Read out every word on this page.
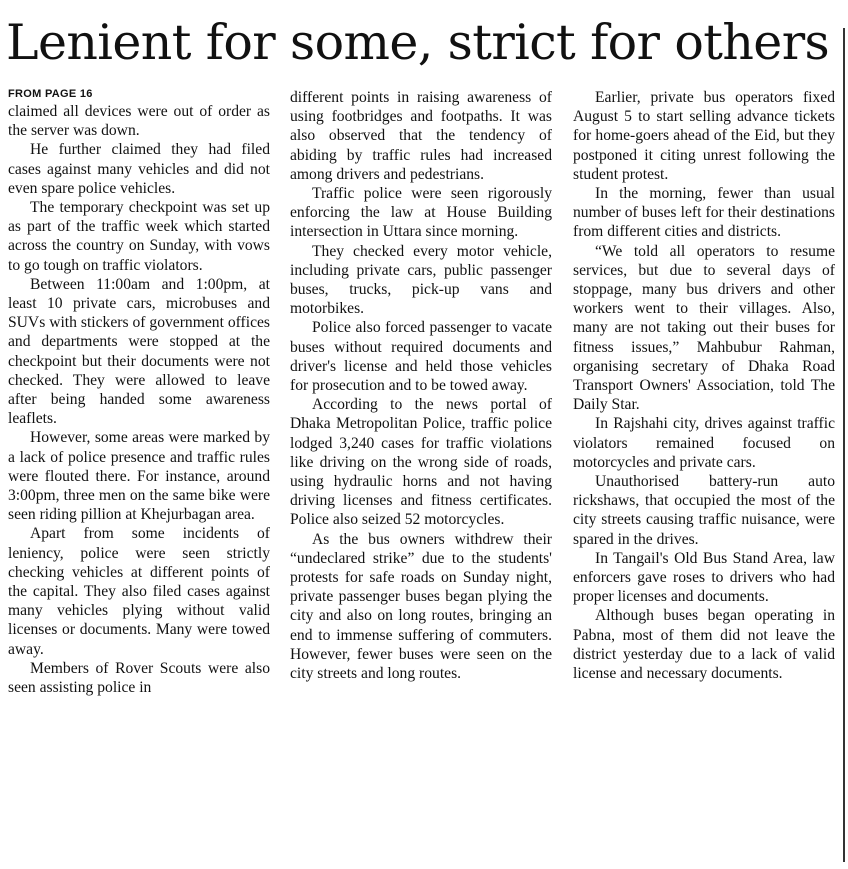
Lenient for some, strict for others
FROM PAGE 16

claimed all devices were out of order as the server was down.

He further claimed they had filed cases against many vehicles and did not even spare police vehicles.

The temporary checkpoint was set up as part of the traffic week which started across the country on Sunday, with vows to go tough on traffic violators.

Between 11:00am and 1:00pm, at least 10 private cars, microbuses and SUVs with stickers of government offices and departments were stopped at the checkpoint but their documents were not checked. They were allowed to leave after being handed some awareness leaflets.

However, some areas were marked by a lack of police presence and traffic rules were flouted there. For instance, around 3:00pm, three men on the same bike were seen riding pillion at Khejurbagan area.

Apart from some incidents of leniency, police were seen strictly checking vehicles at different points of the capital. They also filed cases against many vehicles plying without valid licenses or documents. Many were towed away.

Members of Rover Scouts were also seen assisting police in

different points in raising awareness of using footbridges and footpaths. It was also observed that the tendency of abiding by traffic rules had increased among drivers and pedestrians.

Traffic police were seen rigorously enforcing the law at House Building intersection in Uttara since morning.

They checked every motor vehicle, including private cars, public passenger buses, trucks, pick-up vans and motorbikes.

Police also forced passenger to vacate buses without required documents and driver's license and held those vehicles for prosecution and to be towed away.

According to the news portal of Dhaka Metropolitan Police, traffic police lodged 3,240 cases for traffic violations like driving on the wrong side of roads, using hydraulic horns and not having driving licenses and fitness certificates. Police also seized 52 motorcycles.

As the bus owners withdrew their “undeclared strike” due to the students' protests for safe roads on Sunday night, private passenger buses began plying the city and also on long routes, bringing an end to immense suffering of commuters. However, fewer buses were seen on the city streets and long routes.

Earlier, private bus operators fixed August 5 to start selling advance tickets for home-goers ahead of the Eid, but they postponed it citing unrest following the student protest.

In the morning, fewer than usual number of buses left for their destinations from different cities and districts.

“We told all operators to resume services, but due to several days of stoppage, many bus drivers and other workers went to their villages. Also, many are not taking out their buses for fitness issues,” Mahbubur Rahman, organising secretary of Dhaka Road Transport Owners' Association, told The Daily Star.

In Rajshahi city, drives against traffic violators remained focused on motorcycles and private cars.

Unauthorised battery-run auto rickshaws, that occupied the most of the city streets causing traffic nuisance, were spared in the drives.

In Tangail's Old Bus Stand Area, law enforcers gave roses to drivers who had proper licenses and documents.

Although buses began operating in Pabna, most of them did not leave the district yesterday due to a lack of valid license and necessary documents.
